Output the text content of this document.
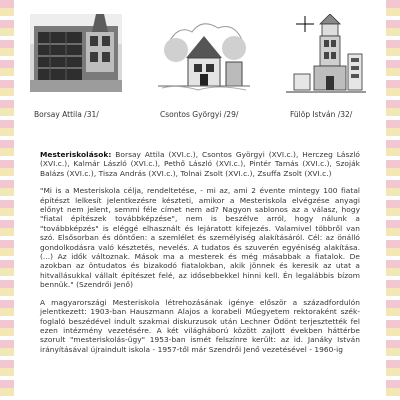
Borsay Attila /31/	Csontos Györgyi /29/	Fülöp István /32/

Mesteriskolások: Borsay Attila (XVI.c.), Csontos Györgyi (XVI.c.), Herczeg László (XVI.c.), Kalmár László (XVI.c.), Pethő László (XVI.c.), Pintér Tamás (XVI.c.), Szoják Balázs (XVI.c.), Tisza András (XVI.c.), Tolnai Zsolt (XVI.c.), Zsuffa Zsolt (XVI.c.)

"Mi is a Mesteriskola célja, rendeltetése, - mi az, ami 2 évente mintegy 100 fiatal építészt lelkesít jelentkezésre készteti, amikor a Mesteriskola elvégzése anyagi előnyt nem jelent, semmi féle címet nem ad? Nagyon sablonos az a válasz, hogy "fiatal építészek továbbképzése", nem is beszélve arról, hogy nálunk a "továbbképzés" is eléggé elhasznált és lejáratott kifejezés. Valamivel többről van szó. Elsősorban és döntően: a szemlélet és személyiség alakításáról. Cél: az önálló gondolkodásra való késztetés, nevelés. A tudatos és szuverén egyéniség alakítása. (...) Az idők változnak. Mások ma a mesterek és még másabbak a fiatalok. De azokban az öntudatos és bizakodó fiatalokban, akik jönnek és keresik az utat a hitvallásukkal vállalt építészet felé, az idősebbekkel hinni kell. Én legalábbis bízom bennük." (Szendrői Jenő)

A magyarországi Mesteriskola létrehozásának igénye először a századfordulón jelentkezett: 1903-ban Hauszmann Alajos a korabeli Műegyetem rektoraként székfoglaló beszédével indult szakmai diskurzusok után Lechner Ödönt terjesztették fel ezen intézmény vezetésére. A két világháború között zajlott években háttérbe szorult "mesteriskolás-ügy" 1953-ban ismét felszínre került: az id. Janáky István irányításával újraindult iskola - 1957-től már Szendrői Jenő vezetésével - 1960-ig
